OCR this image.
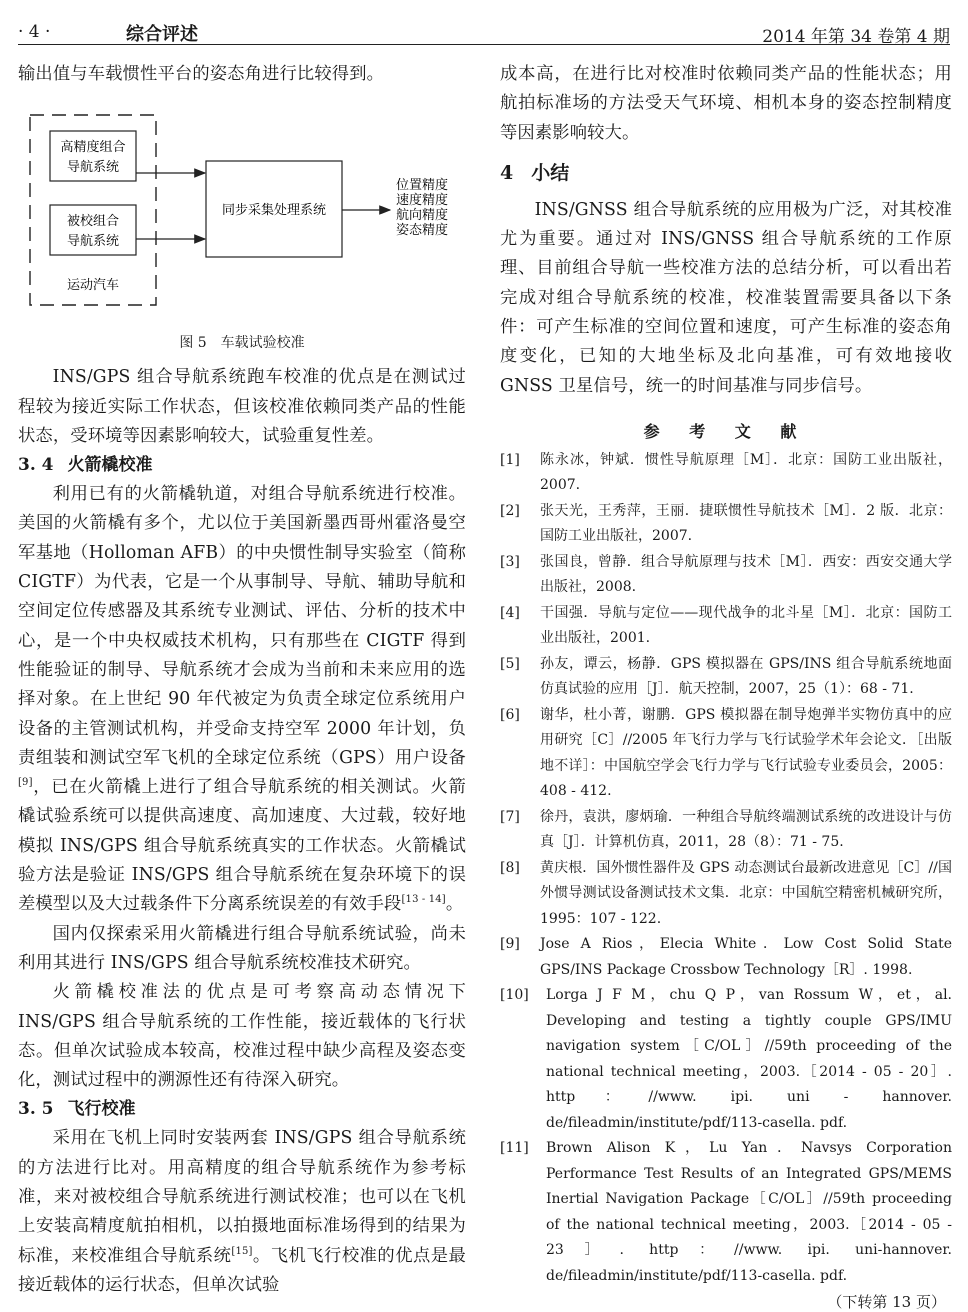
· 4 ·	综合评述	2014 年第 34 卷第 4 期

输出值与车载惯性平台的姿态角进行比较得到。

高精度组合
导航系统
被校组合
导航系统
运动汽车
同步采集处理系统
位置精度
速度精度
航向精度
姿态精度
图 5　车载试验校准

INS/GPS 组合导航系统跑车校准的优点是在测试过程较为接近实际工作状态，但该校准依赖同类产品的性能状态，受环境等因素影响较大，试验重复性差。

3. 4 火箭橇校准

利用已有的火箭橇轨道，对组合导航系统进行校准。美国的火箭橇有多个，尤以位于美国新墨西哥州霍洛曼空军基地（Holloman AFB）的中央惯性制导实验室（简称 CIGTF）为代表，它是一个从事制导、导航、辅助导航和空间定位传感器及其系统专业测试、评估、分析的技术中心，是一个中央权威技术机构，只有那些在 CIGTF 得到性能验证的制导、导航系统才会成为当前和未来应用的选择对象。在上世纪 90 年代被定为负责全球定位系统用户设备的主管测试机构，并受命支持空军 2000 年计划，负责组装和测试空军飞机的全球定位系统（GPS）用户设备[9]，已在火箭橇上进行了组合导航系统的相关测试。火箭橇试验系统可以提供高速度、高加速度、大过载，较好地模拟 INS/GPS 组合导航系统真实的工作状态。火箭橇试验方法是验证 INS/GPS 组合导航系统在复杂环境下的误差模型以及大过载条件下分离系统误差的有效手段[13 - 14]。

国内仅探索采用火箭橇进行组合导航系统试验，尚未利用其进行 INS/GPS 组合导航系统校准技术研究。

火箭橇校准法的优点是可考察高动态情况下 INS/GPS 组合导航系统的工作性能，接近载体的飞行状态。但单次试验成本较高，校准过程中缺少高程及姿态变化，测试过程中的溯源性还有待深入研究。

3. 5 飞行校准

采用在飞机上同时安装两套 INS/GPS 组合导航系统的方法进行比对。用高精度的组合导航系统作为参考标准，来对被校组合导航系统进行测试校准；也可以在飞机上安装高精度航拍相机，以拍摄地面标准场得到的结果为标准，来校准组合导航系统[15]。飞机飞行校准的优点是最接近载体的运行状态，但单次试验

成本高，在进行比对校准时依赖同类产品的性能状态；用航拍标准场的方法受天气环境、相机本身的姿态控制精度等因素影响较大。

4 小结

INS/GNSS 组合导航系统的应用极为广泛，对其校准尤为重要。通过对 INS/GNSS 组合导航系统的工作原理、目前组合导航一些校准方法的总结分析，可以看出若完成对组合导航系统的校准，校准装置需要具备以下条件：可产生标准的空间位置和速度，可产生标准的姿态角度变化，已知的大地坐标及北向基准，可有效地接收 GNSS 卫星信号，统一的时间基准与同步信号。

参 考 文 献
[1] 陈永冰，钟斌．惯性导航原理［M］．北京：国防工业出版社，2007.
[2] 张天光，王秀萍，王丽．捷联惯性导航技术［M］．2 版．北京：国防工业出版社，2007.
[3] 张国良，曾静．组合导航原理与技术［M］．西安：西安交通大学出版社，2008.
[4] 干国强．导航与定位——现代战争的北斗星［M］．北京：国防工业出版社，2001.
[5] 孙友，谭云，杨静．GPS 模拟器在 GPS/INS 组合导航系统地面仿真试验的应用［J］．航天控制，2007，25（1）：68 - 71.
[6] 谢华，杜小菁，谢鹏．GPS 模拟器在制导炮弹半实物仿真中的应用研究［C］//2005 年飞行力学与飞行试验学术年会论文．［出版地不详］：中国航空学会飞行力学与飞行试验专业委员会，2005：408 - 412.
[7] 徐丹，袁洪，廖炳瑜．一种组合导航终端测试系统的改进设计与仿真［J］．计算机仿真，2011，28（8）：71 - 75.
[8] 黄庆根．国外惯性器件及 GPS 动态测试台最新改进意见［C］//国外惯导测试设备测试技术文集．北京：中国航空精密机械研究所，1995：107 - 122.
[9] Jose A Rios，Elecia White．Low Cost Solid State GPS/INS Package Crossbow Technology［R］. 1998.
[10] Lorga J F M，chu Q P，van Rossum W，et，al. Developing and testing a tightly couple GPS/IMU navigation system［C/OL］//59th proceeding of the national technical meeting，2003.［2014 - 05 - 20］. http：//www. ipi. uni - hannover. de/fileadmin/institute/pdf/113-casella. pdf.
[11] Brown Alison K，Lu Yan．Navsys Corporation Performance Test Results of an Integrated GPS/MEMS Inertial Navigation Package［C/OL］//59th proceeding of the national technical meeting，2003.［2014 - 05 - 23］. http：//www. ipi. uni-hannover. de/fileadmin/institute/pdf/113-casella. pdf.
（下转第 13 页）
